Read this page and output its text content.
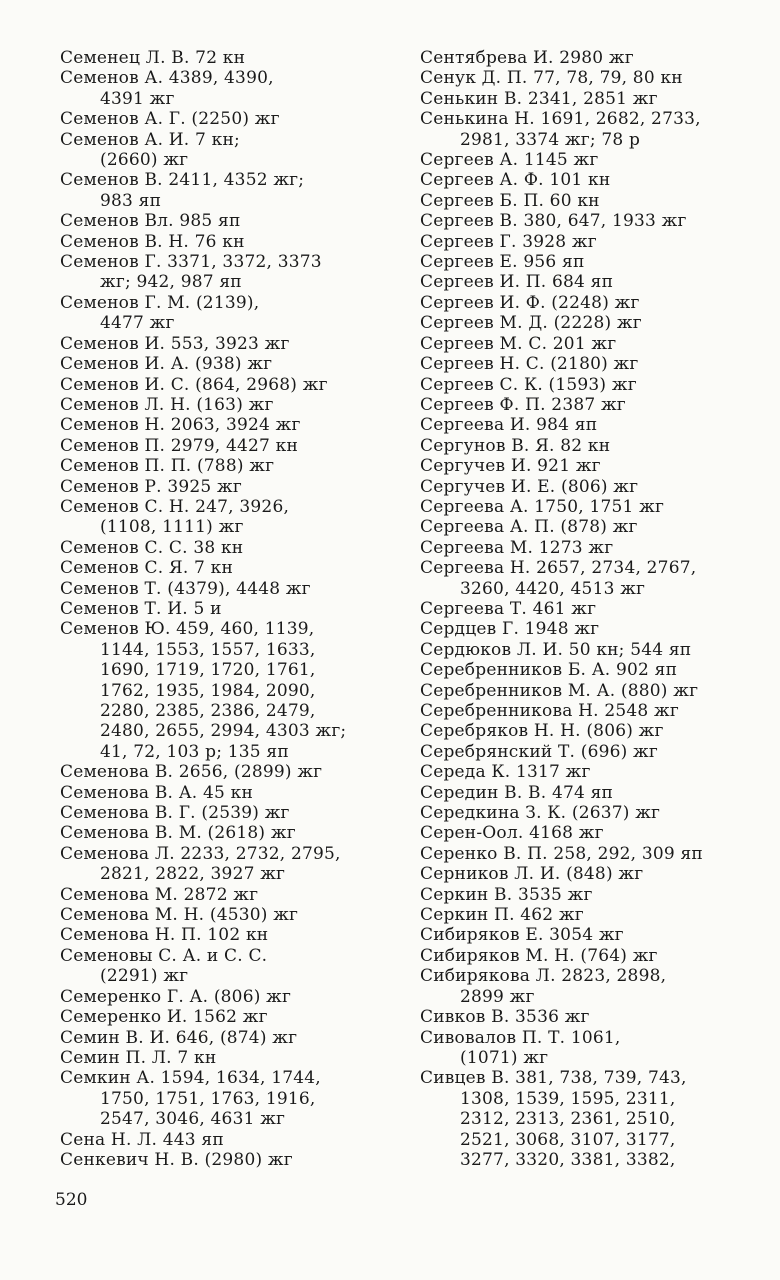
Семенец Л. В. 72 кн
Семенов А. 4389, 4390,
4391 жг
Семенов А. Г. (2250) жг
Семенов А. И. 7 кн;
(2660) жг
Семенов В. 2411, 4352 жг;
983 яп
Семенов Вл. 985 яп
Семенов В. Н. 76 кн
Семенов Г. 3371, 3372, 3373
жг; 942, 987 яп
Семенов Г. М. (2139),
4477 жг
Семенов И. 553, 3923 жг
Семенов И. А. (938) жг
Семенов И. С. (864, 2968) жг
Семенов Л. Н. (163) жг
Семенов Н. 2063, 3924 жг
Семенов П. 2979, 4427 кн
Семенов П. П. (788) жг
Семенов Р. 3925 жг
Семенов С. Н. 247, 3926,
(1108, 1111) жг
Семенов С. С. 38 кн
Семенов С. Я. 7 кн
Семенов Т. (4379), 4448 жг
Семенов Т. И. 5 и
Семенов Ю. 459, 460, 1139,
1144, 1553, 1557, 1633,
1690, 1719, 1720, 1761,
1762, 1935, 1984, 2090,
2280, 2385, 2386, 2479,
2480, 2655, 2994, 4303 жг;
41, 72, 103 р; 135 яп
Семенова В. 2656, (2899) жг
Семенова В. А. 45 кн
Семенова В. Г. (2539) жг
Семенова В. М. (2618) жг
Семенова Л. 2233, 2732, 2795,
2821, 2822, 3927 жг
Семенова М. 2872 жг
Семенова М. Н. (4530) жг
Семенова Н. П. 102 кн
Семеновы С. А. и С. С.
(2291) жг
Семеренко Г. А. (806) жг
Семеренко И. 1562 жг
Семин В. И. 646, (874) жг
Семин П. Л. 7 кн
Семкин А. 1594, 1634, 1744,
1750, 1751, 1763, 1916,
2547, 3046, 4631 жг
Сена Н. Л. 443 яп
Сенкевич Н. В. (2980) жг
Сентябрева И. 2980 жг
Сенук Д. П. 77, 78, 79, 80 кн
Сенькин В. 2341, 2851 жг
Сенькина Н. 1691, 2682, 2733,
2981, 3374 жг; 78 р
Сергеев А. 1145 жг
Сергеев А. Ф. 101 кн
Сергеев Б. П. 60 кн
Сергеев В. 380, 647, 1933 жг
Сергеев Г. 3928 жг
Сергеев Е. 956 яп
Сергеев И. П. 684 яп
Сергеев И. Ф. (2248) жг
Сергеев М. Д. (2228) жг
Сергеев М. С. 201 жг
Сергеев Н. С. (2180) жг
Сергеев С. К. (1593) жг
Сергеев Ф. П. 2387 жг
Сергеева И. 984 яп
Сергунов В. Я. 82 кн
Сергучев И. 921 жг
Сергучев И. Е. (806) жг
Сергеева А. 1750, 1751 жг
Сергеева А. П. (878) жг
Сергеева М. 1273 жг
Сергеева Н. 2657, 2734, 2767,
3260, 4420, 4513 жг
Сергеева Т. 461 жг
Сердцев Г. 1948 жг
Сердюков Л. И. 50 кн; 544 яп
Серебренников Б. А. 902 яп
Серебренников М. А. (880) жг
Серебренникова Н. 2548 жг
Серебряков Н. Н. (806) жг
Серебрянский Т. (696) жг
Середа К. 1317 жг
Середин В. В. 474 яп
Середкина З. К. (2637) жг
Серен-Оол. 4168 жг
Серенко В. П. 258, 292, 309 яп
Серников Л. И. (848) жг
Серкин В. 3535 жг
Серкин П. 462 жг
Сибиряков Е. 3054 жг
Сибиряков М. Н. (764) жг
Сибирякова Л. 2823, 2898,
2899 жг
Сивков В. 3536 жг
Сивовалов П. Т. 1061,
(1071) жг
Сивцев В. 381, 738, 739, 743,
1308, 1539, 1595, 2311,
2312, 2313, 2361, 2510,
2521, 3068, 3107, 3177,
3277, 3320, 3381, 3382,
520
